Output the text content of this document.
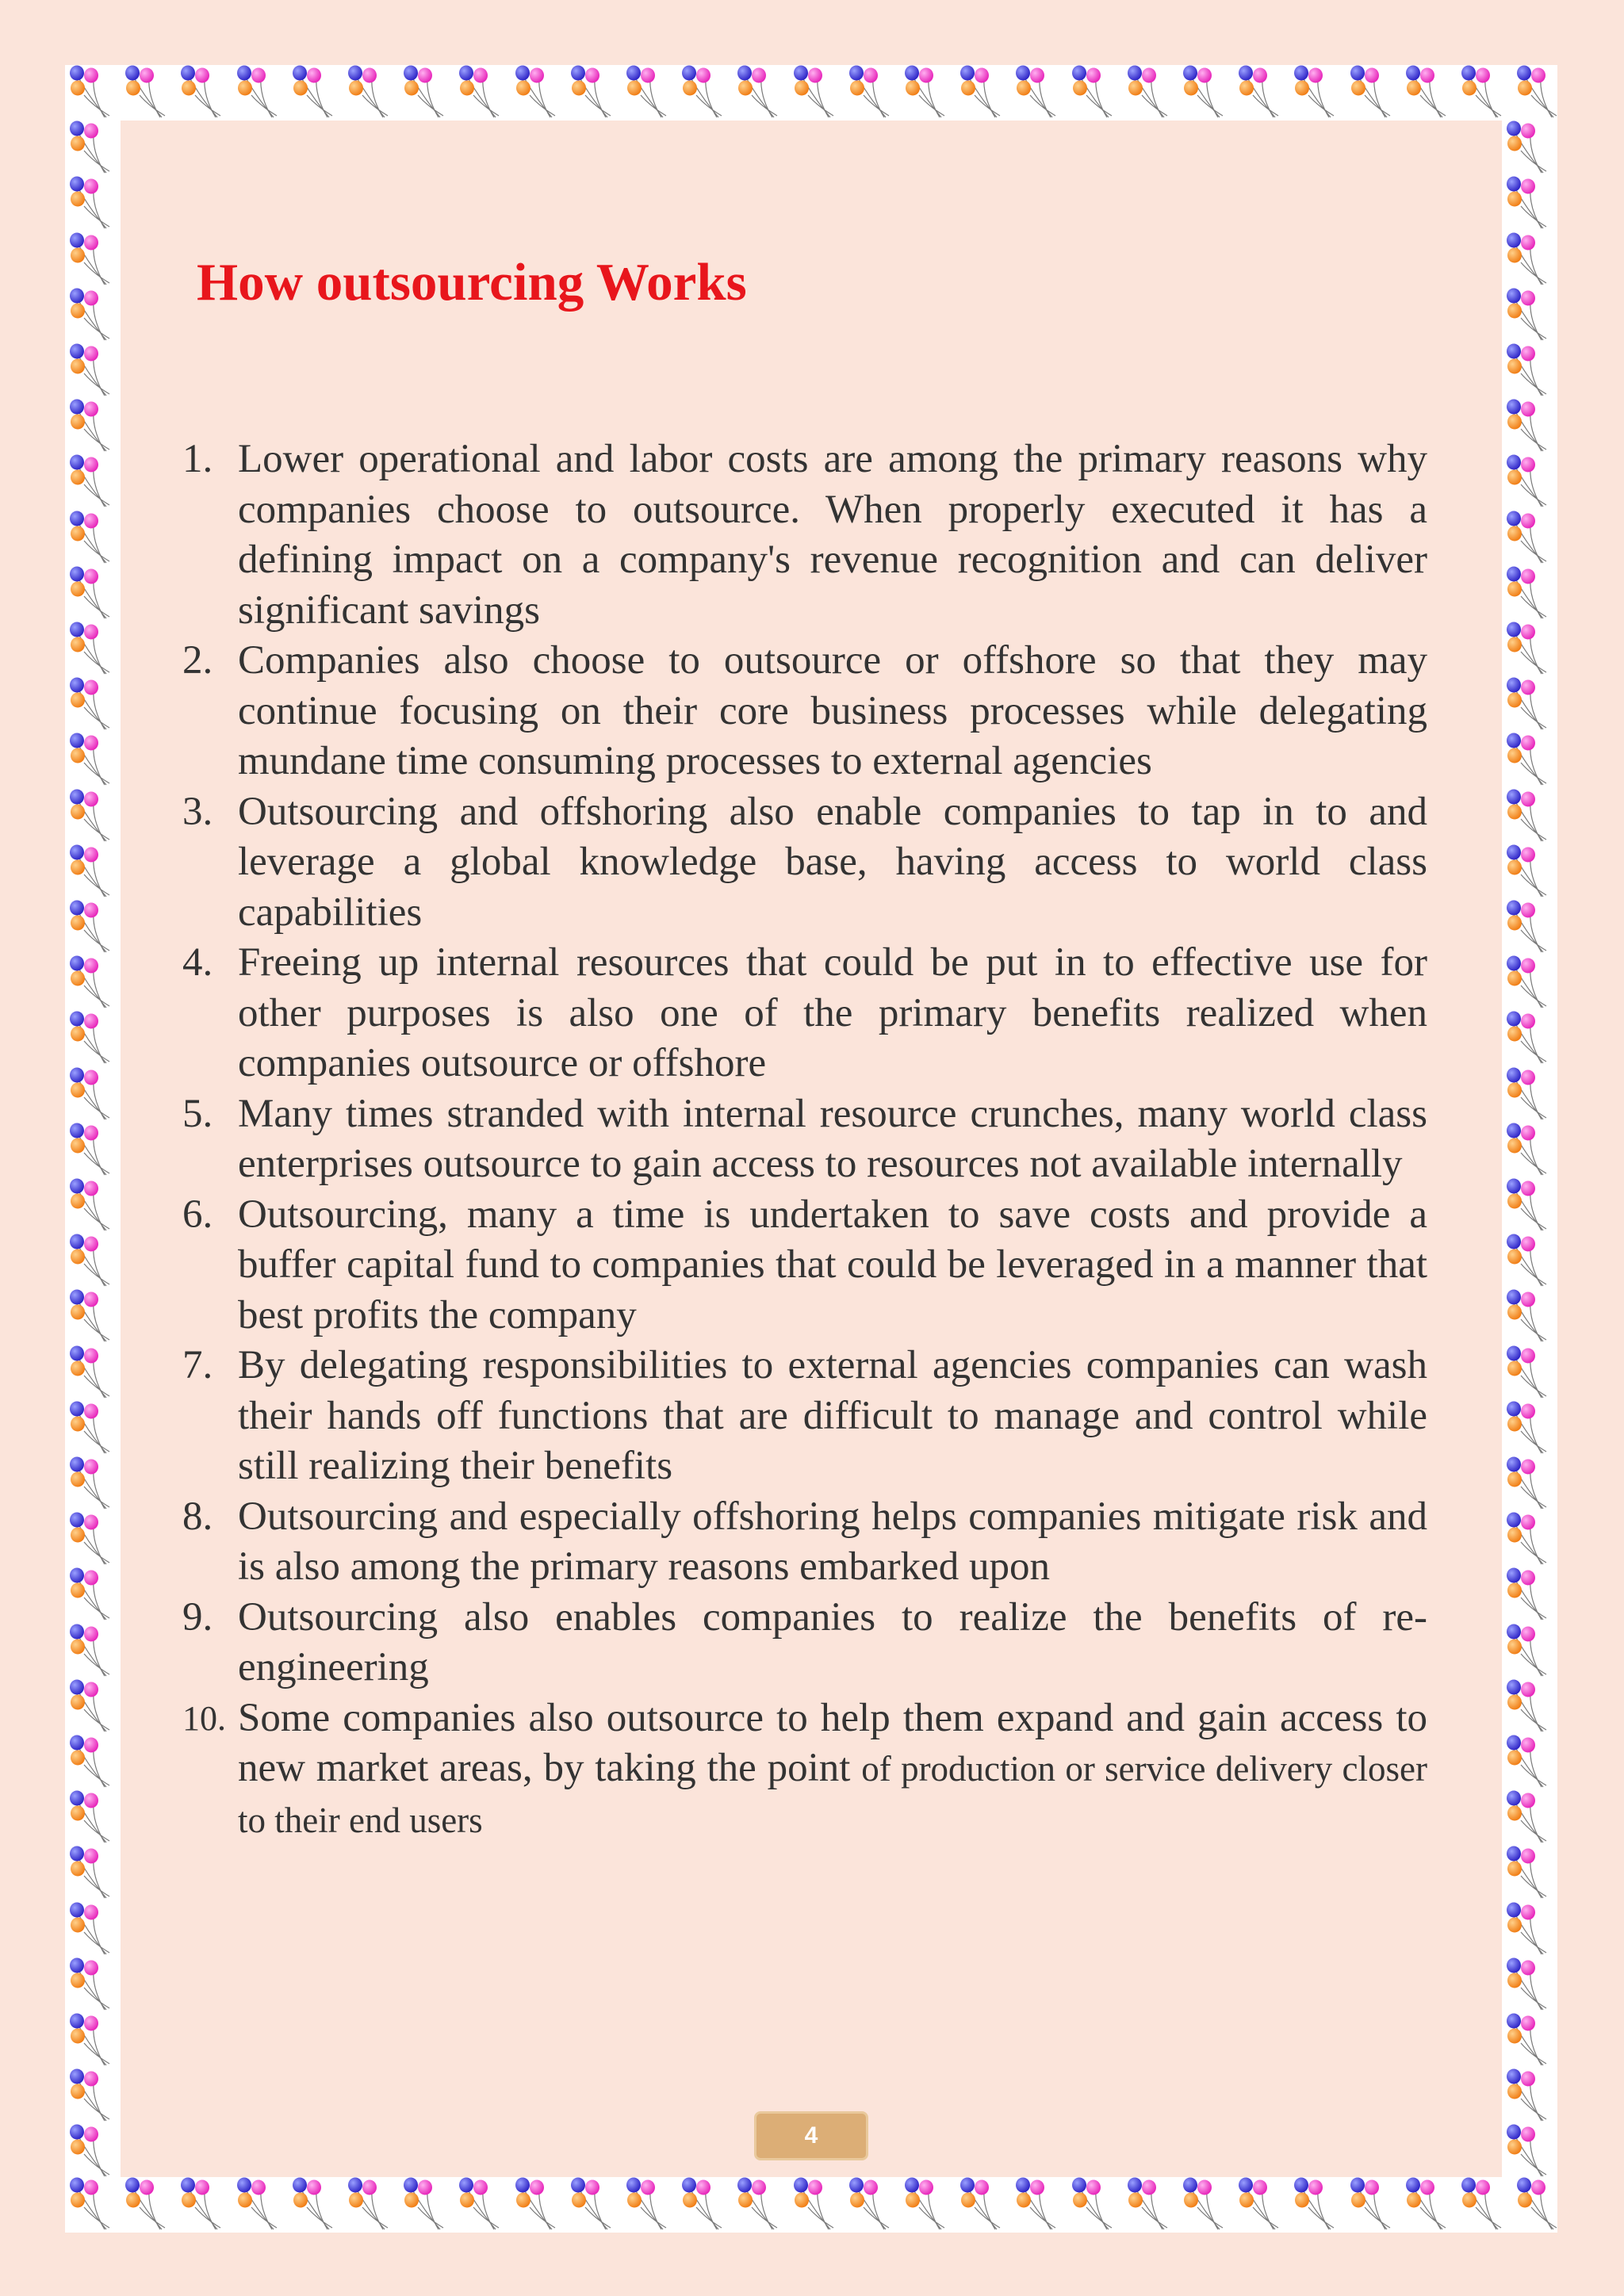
How outsourcing Works
1. Lower operational and labor costs are among the primary reasons why companies choose to outsource. When properly executed it has a defining impact on a company's revenue recognition and can deliver significant savings
2. Companies also choose to outsource or offshore so that they may continue focusing on their core business processes while delegating mundane time consuming processes to external agencies
3. Outsourcing and offshoring also enable companies to tap in to and leverage a global knowledge base, having access to world class capabilities
4. Freeing up internal resources that could be put in to effective use for other purposes is also one of the primary benefits realized when companies outsource or offshore
5. Many times stranded with internal resource crunches, many world class enterprises outsource to gain access to resources not available internally
6. Outsourcing, many a time is undertaken to save costs and provide a buffer capital fund to companies that could be leveraged in a manner that best profits the company
7. By delegating responsibilities to external agencies companies can wash their hands off functions that are difficult to manage and control while still realizing their benefits
8. Outsourcing and especially offshoring helps companies mitigate risk and is also among the primary reasons embarked upon
9. Outsourcing also enables companies to realize the benefits of re-engineering
10. Some companies also outsource to help them expand and gain access to new market areas, by taking the point of production or service delivery closer to their end users
4
